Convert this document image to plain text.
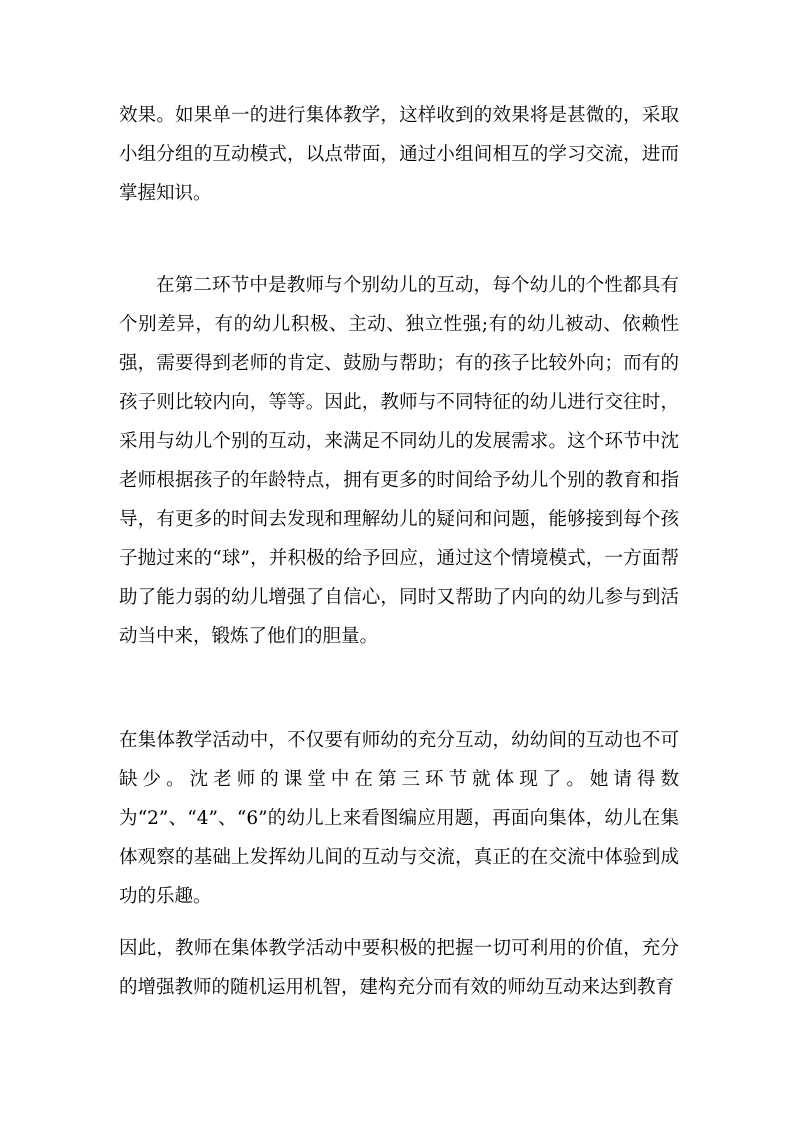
效果。如果单一的进行集体教学，这样收到的效果将是甚微的，采取小组分组的互动模式，以点带面，通过小组间相互的学习交流，进而掌握知识。

在第二环节中是教师与个别幼儿的互动，每个幼儿的个性都具有个别差异，有的幼儿积极、主动、独立性强;有的幼儿被动、依赖性强，需要得到老师的肯定、鼓励与帮助；有的孩子比较外向；而有的孩子则比较内向，等等。因此，教师与不同特征的幼儿进行交往时，采用与幼儿个别的互动，来满足不同幼儿的发展需求。这个环节中沈老师根据孩子的年龄特点，拥有更多的时间给予幼儿个别的教育和指导，有更多的时间去发现和理解幼儿的疑问和问题，能够接到每个孩子抛过来的“球”，并积极的给予回应，通过这个情境模式，一方面帮助了能力弱的幼儿增强了自信心，同时又帮助了内向的幼儿参与到活动当中来，锻炼了他们的胆量。

在集体教学活动中，不仅要有师幼的充分互动，幼幼间的互动也不可缺少。沈老师的课堂中在第三环节就体现了。她请得数为“2”、“4”、“6”的幼儿上来看图编应用题，再面向集体，幼儿在集体观察的基础上发挥幼儿间的互动与交流，真正的在交流中体验到成功的乐趣。

因此，教师在集体教学活动中要积极的把握一切可利用的价值，充分的增强教师的随机运用机智，建构充分而有效的师幼互动来达到教育
